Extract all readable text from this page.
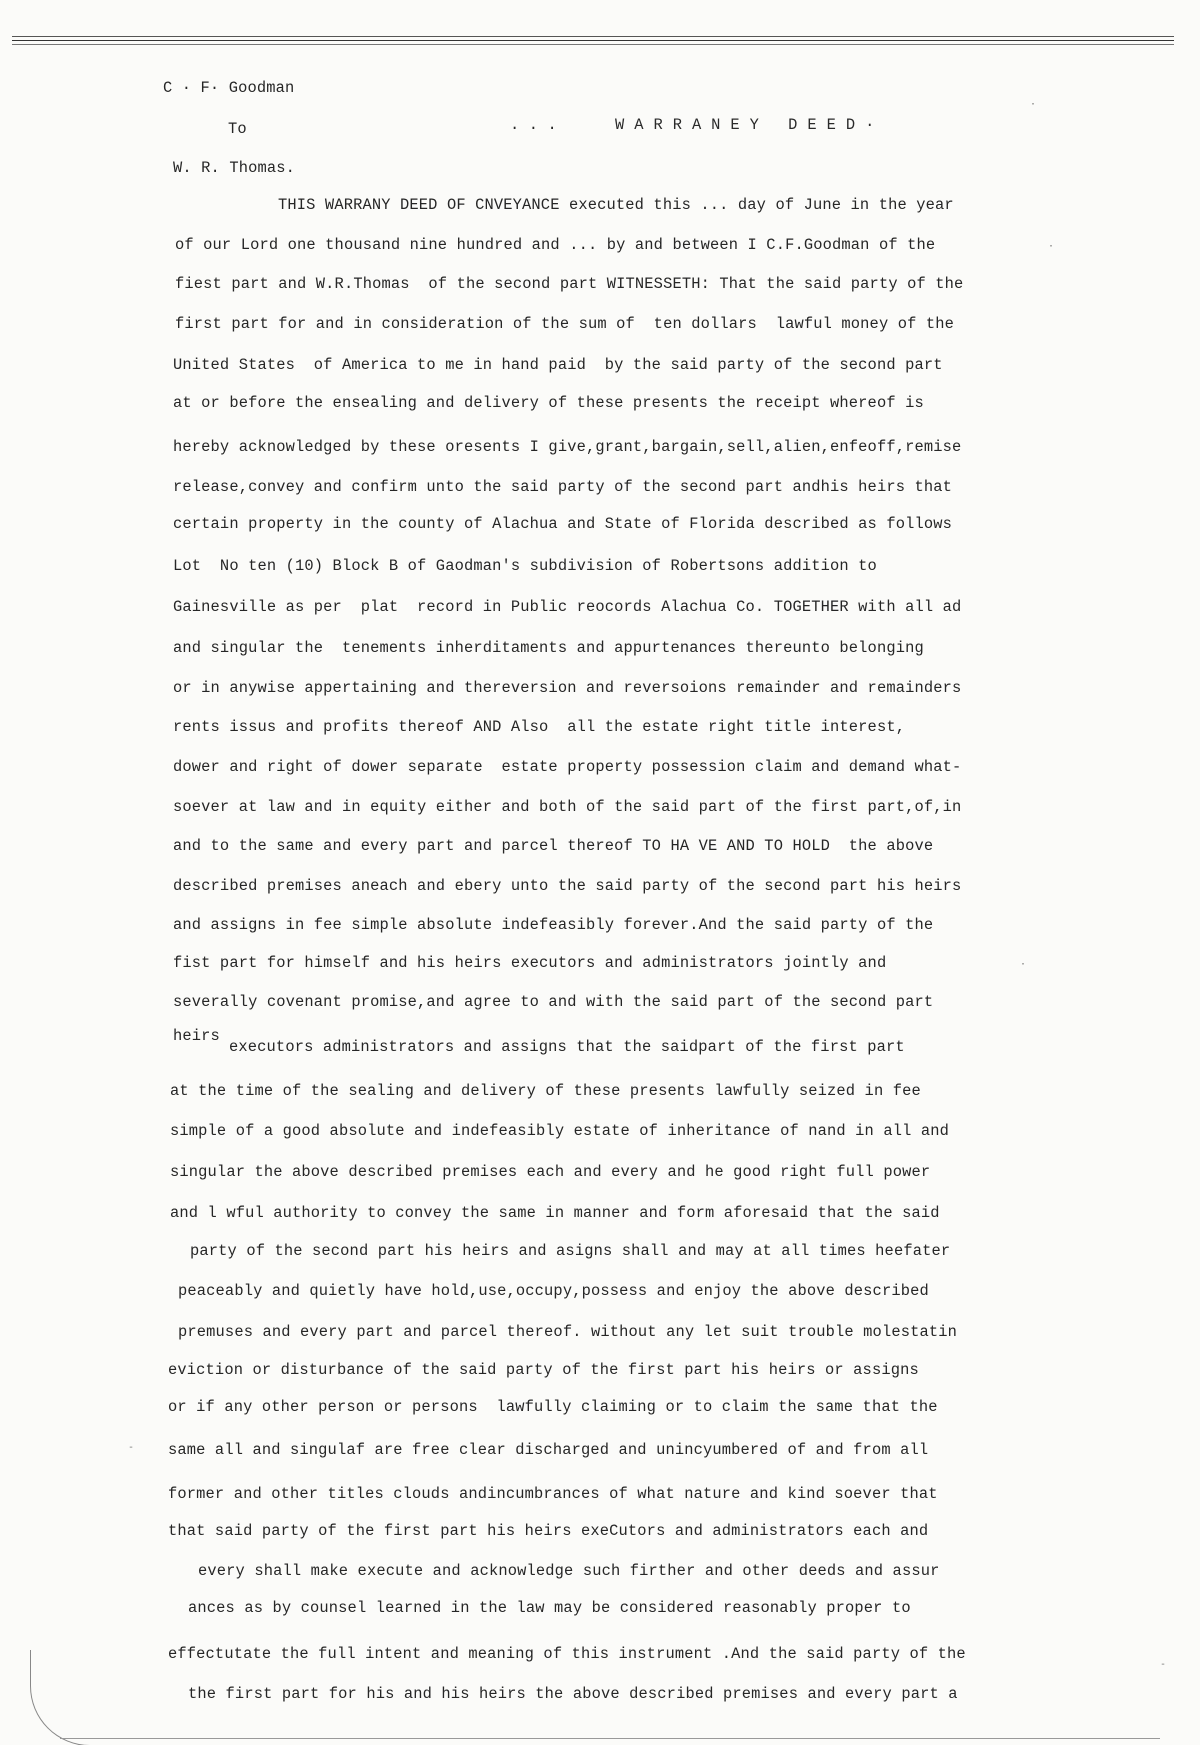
·
·
·
-
-
C · F· Goodman
To	. . .	WARRANEY DEED·
W. R. Thomas.
THIS WARRANY DEED OF CNVEYANCE executed this ... day of June in the year
of our Lord one thousand nine hundred and ... by and between I C.F.Goodman of the
fiest part and W.R.Thomas  of the second part WITNESSETH: That the said party of the
first part for and in consideration of the sum of  ten dollars  lawful money of the
United States  of America to me in hand paid  by the said party of the second part
at or before the ensealing and delivery of these presents the receipt whereof is
hereby acknowledged by these oresents I give,grant,bargain,sell,alien,enfeoff,remise
release,convey and confirm unto the said party of the second part andhis heirs that
certain property in the county of Alachua and State of Florida described as follows
Lot  No ten (10) Block B of Gaodman's subdivision of Robertsons addition to
Gainesville as per  plat  record in Public reocords Alachua Co. TOGETHER with all ad
and singular the  tenements inherditaments and appurtenances thereunto belonging
or in anywise appertaining and thereversion and reversoions remainder and remainders
rents issus and profits thereof AND Also  all the estate right title interest,
dower and right of dower separate  estate property possession claim and demand what-
soever at law and in equity either and both of the said part of the first part,of,in
and to the same and every part and parcel thereof TO HA VE AND TO HOLD  the above
described premises aneach and ebery unto the said party of the second part his heirs
and assigns in fee simple absolute indefeasibly forever.And the said party of the
fist part for himself and his heirs executors and administrators jointly and
severally covenant promise,and agree to and with the said part of the second part
heirs
executors administrators and assigns that the saidpart of the first part
at the time of the sealing and delivery of these presents lawfully seized in fee
simple of a good absolute and indefeasibly estate of inheritance of nand in all and
singular the above described premises each and every and he good right full power
and l wful authority to convey the same in manner and form aforesaid that the said
party of the second part his heirs and asigns shall and may at all times heefater
peaceably and quietly have hold,use,occupy,possess and enjoy the above described
premuses and every part and parcel thereof. without any let suit trouble molestatin
eviction or disturbance of the said party of the first part his heirs or assigns
or if any other person or persons  lawfully claiming or to claim the same that the
same all and singulaf are free clear discharged and unincyumbered of and from all
former and other titles clouds andincumbrances of what nature and kind soever that
that said party of the first part his heirs exeCutors and administrators each and
every shall make execute and acknowledge such firther and other deeds and assur
ances as by counsel learned in the law may be considered reasonably proper to
effectutate the full intent and meaning of this instrument .And the said party of the
the first part for his and his heirs the above described premises and every part a
